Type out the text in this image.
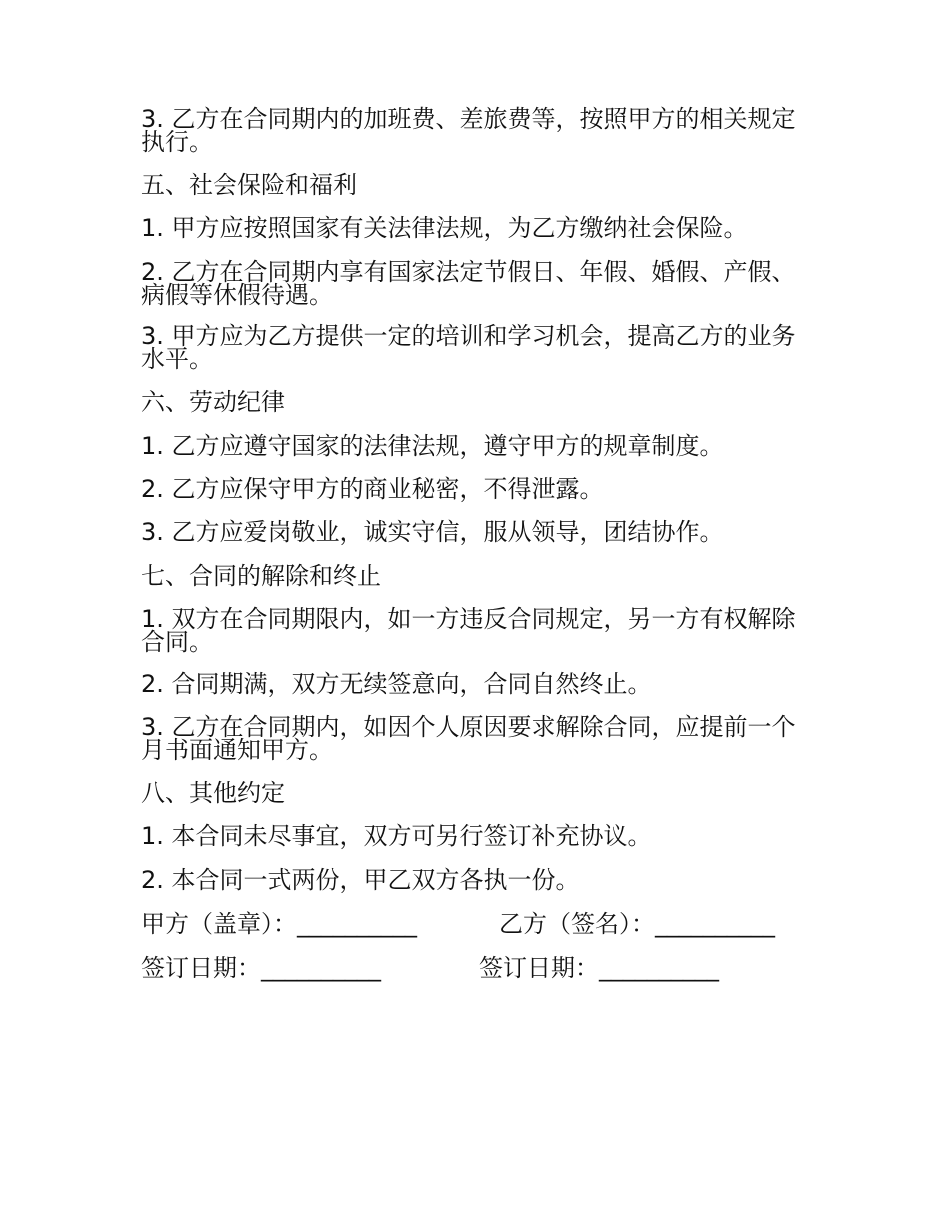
3. 乙方在合同期内的加班费、差旅费等，按照甲方的相关规定执行。
五、社会保险和福利
1. 甲方应按照国家有关法律法规，为乙方缴纳社会保险。
2. 乙方在合同期内享有国家法定节假日、年假、婚假、产假、病假等休假待遇。
3. 甲方应为乙方提供一定的培训和学习机会，提高乙方的业务水平。
六、劳动纪律
1. 乙方应遵守国家的法律法规，遵守甲方的规章制度。
2. 乙方应保守甲方的商业秘密，不得泄露。
3. 乙方应爱岗敬业，诚实守信，服从领导，团结协作。
七、合同的解除和终止
1. 双方在合同期限内，如一方违反合同规定，另一方有权解除合同。
2. 合同期满，双方无续签意向，合同自然终止。
3. 乙方在合同期内，如因个人原因要求解除合同，应提前一个月书面通知甲方。
八、其他约定
1. 本合同未尽事宜，双方可另行签订补充协议。
2. 本合同一式两份，甲乙双方各执一份。

甲方（盖章）：__________

	乙方（签名）：__________

签订日期：__________

	签订日期：__________
